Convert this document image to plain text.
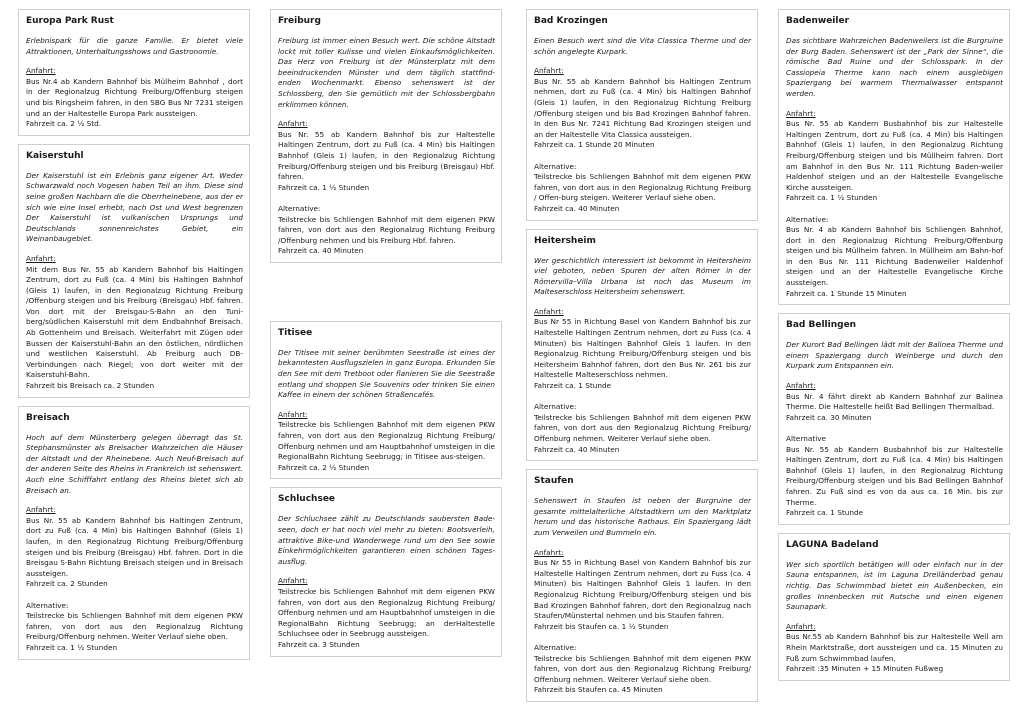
Europa Park Rust

Erlebnispark für die ganze Familie. Er bietet viele Attraktionen, Unterhaltungsshows und Gastronomie.

Anfahrt:
Bus Nr.4 ab Kandern Bahnhof bis Mülheim Bahnhof , dort in der Regionalzug Richtung Freiburg/Offenburg steigen und bis Ringsheim fahren, in den SBG Bus Nr 7231 steigen und an der Haltestelle Europa Park aussteigen.
Fahrzeit ca. 2 ½ Std.

Kaiserstuhl

Der Kaiserstuhl ist ein Erlebnis ganz eigener Art. Weder Schwarzwald noch Vogesen haben Teil an ihm. Diese sind seine großen Nachbarn die die Oberrheinebene, aus der er sich wie eine Insel erhebt, nach Ost und West begrenzen Der Kaiserstuhl ist vulkanischen Ursprungs und Deutschlands sonnenreichstes Gebiet, ein Weinanbaugebiet.

Anfahrt:
Mit dem Bus Nr. 55 ab Kandern Bahnhof bis Haltingen Zentrum, dort zu Fuß (ca. 4 Min) bis Haltingen Bahnhof (Gleis 1) laufen, in den Regionalzug Richtung Freiburg /Offenburg steigen und bis Freiburg (Breisgau) Hbf. fahren. Von dort mit der Breisgau-S-Bahn an den Tuni-berg/südlichen Kaiserstuhl mit dem Endbahnhof Breisach. Ab Gottenheim und Breisach. Weiterfahrt mit Zügen oder Bussen der Kaiserstuhl-Bahn an den östlichen, nördlichen und westlichen Kaiserstuhl. Ab Freiburg auch DB-Verbindungen nach Riegel; von dort weiter mit der Kaiserstuhl-Bahn.
Fahrzeit bis Breisach ca. 2 Stunden

Breisach

Hoch auf dem Münsterberg gelegen überragt das St. Stephansmünster als Breisacher Wahrzeichen die Häuser der Altstadt und der Rheinebene. Auch Neuf-Breisach auf der anderen Seite des Rheins in Frankreich ist sehenswert. Auch eine Schifffahrt entlang des Rheins bietet sich ab Breisach an.

Anfahrt:
Bus Nr. 55 ab Kandern Bahnhof bis Haltingen Zentrum, dort zu Fuß (ca. 4 Min) bis Haltingen Bahnhof (Gleis 1) laufen, in den Regionalzug Richtung Freiburg/Offenburg steigen und bis Freiburg (Breisgau) Hbf. fahren. Dort in die Breisgau S-Bahn Richtung Breisach steigen und in Breisach aussteigen.
Fahrzeit ca. 2 Stunden

Alternative:
Teilstrecke bis Schliengen Bahnhof mit dem eigenen PKW fahren, von dort aus den Regionalzug Richtung Freiburg/Offenburg nehmen. Weiter Verlauf siehe oben.
Fahrzeit ca. 1 ½ Stunden

Freiburg

Freiburg ist immer einen Besuch wert. Die schöne Altstadt lockt mit toller Kulisse und vielen Einkaufsmöglichkeiten. Das Herz von Freiburg ist der Münsterplatz mit dem beeindruckenden Münster und dem täglich stattfind- enden Wochenmarkt. Ebenso sehenswert ist der Schlossberg, den Sie gemütlich mit der Schlossbergbahn erklimmen können.

Anfahrt:
Bus Nr. 55 ab Kandern Bahnhof bis zur Haltestelle Haltingen Zentrum, dort zu Fuß (ca. 4 Min) bis Haltingen Bahnhof (Gleis 1) laufen, in den Regionalzug Richtung Freiburg/Offenburg steigen und bis Freiburg (Breisgau) Hbf. fahren.
Fahrzeit ca. 1 ½ Stunden

Alternative:
Teilstrecke bis Schliengen Bahnhof mit dem eigenen PKW fahren, von dort aus den Regionalzug Richtung Freiburg /Offenburg nehmen und bis Freiburg Hbf. fahren.
Fahrzeit ca. 40 Minuten

Titisee

Der Titisee mit seiner berühmten Seestraße ist eines der bekanntesten Ausflugszielen in ganz Europa. Erkunden Sie den See mit dem Tretboot oder flanieren Sie die Seestraße entlang und shoppen Sie Souvenirs oder trinken Sie einen Kaffee in einem der schönen Straßencafés.

Anfahrt:
Teilstrecke bis Schliengen Bahnhof mit dem eigenen PKW fahren, von dort aus den Regionalzug Richtung Freiburg/ Offenburg nehmen und am Hauptbahnhof umsteigen in die RegionalBahn Richtung Seebrugg; in Titisee aus-steigen.
Fahrzeit ca. 2 ½ Stunden

Schluchsee

Der Schluchsee zählt zu Deutschlands saubersten Bade-seen, doch er hat noch viel mehr zu bieten: Bootsverleih, attraktive Bike-und Wanderwege rund um den See sowie Einkehrmöglichkeiten garantieren einen schönen Tages-ausflug.

Anfahrt:
Teilstrecke bis Schliengen Bahnhof mit dem eigenen PKW fahren, von dort aus den Regionalzug Richtung Freiburg/ Offenburg nehmen und am Hauptbahnhof umsteigen in die RegionalBahn Richtung Seebrugg; an derHaltestelle Schluchsee oder in Seebrugg aussteigen.
Fahrzeit ca. 3 Stunden

Bad Krozingen

Einen Besuch wert sind die Vita Classica Therme und der schön angelegte Kurpark.

Anfahrt:
Bus Nr. 55 ab Kandern Bahnhof bis Haltingen Zentrum nehmen, dort zu Fuß (ca. 4 Min) bis Haltingen Bahnhof (Gleis 1) laufen, in den Regionalzug Richtung Freiburg /Offenburg steigen und bis Bad Krozingen Bahnhof fahren. In den Bus Nr. 7241 Richtung Bad Krozingen steigen und an der Haltestelle Vita Classica aussteigen.
Fahrzeit ca. 1 Stunde 20 Minuten

Alternative:
Teilstrecke bis Schliengen Bahnhof mit dem eigenen PKW fahren, von dort aus in den Regionalzug Richtung Freiburg / Offen-burg steigen. Weiterer Verlauf siehe oben.
Fahrzeit ca. 40 Minuten

Heitersheim

Wer geschichtlich interessiert ist bekommt in Heitersheim viel geboten, neben Spuren der alten Römer in der Römervilla–Villa Urbana ist noch das Museum im Malteserschloss Heitersheim sehenswert.

Anfahrt:
Bus Nr 55 in Richtung Basel von Kandern Bahnhof bis zur Haltestelle Haltingen Zentrum nehmen, dort zu Fuss (ca. 4 Minuten) bis Haltingen Bahnhof Gleis 1 laufen. In den Regionalzug Richtung Freiburg/Offenburg steigen und bis Heitersheim Bahnhof fahren, dort den Bus Nr. 261 bis zur Haltestelle Malteserschloss nehmen.
Fahrzeit ca. 1 Stunde

Alternative:
Teilstrecke bis Schliengen Bahnhof mit dem eigenen PKW fahren, von dort aus den Regionalzug Richtung Freiburg/ Offenburg nehmen. Weiterer Verlauf siehe oben.
Fahrzeit ca. 40 Minuten

Staufen

Sehenswert in Staufen ist neben der Burgruine der gesamte mittelalterliche Altstadtkern um den Marktplatz herum und das historische Rathaus. Ein Spaziergang lädt zum Verweilen und Bummeln ein.

Anfahrt:
Bus Nr 55 in Richtung Basel von Kandern Bahnhof bis zur Haltestelle Haltingen Zentrum nehmen, dort zu Fuss (ca. 4 Minuten) bis Haltingen Bahnhof Gleis 1 laufen. In den Regionalzug Richtung Freiburg/Offenburg steigen und bis Bad Krozingen Bahnhof fahren, dort den Regionalzug nach Staufen/Münstertal nehmen und bis Staufen fahren.
Fahrzeit bis Staufen ca. 1 ½ Stunden

Alternative:
Teilstrecke bis Schliengen Bahnhof mit dem eigenen PKW fahren, von dort aus den Regionalzug Richtung Freiburg/ Offenburg nehmen. Weiterer Verlauf siehe oben.
Fahrzeit bis Staufen ca. 45 Minuten

Badenweiler

Das sichtbare Wahrzeichen Badenweilers ist die Burgruine der Burg Baden. Sehenswert ist der „Park der Sinne“, die römische Bad Ruine und der Schlosspark. In der Cassiopeia Therme kann nach einem ausgiebigen Spaziergang bei warmem Thermalwasser entspannt werden.

Anfahrt:
Bus Nr. 55 ab Kandern Busbahnhof bis zur Haltestelle Haltingen Zentrum, dort zu Fuß (ca. 4 Min) bis Haltingen Bahnhof (Gleis 1) laufen, in den Regionalzug Richtung Freiburg/Offenburg steigen und bis Müllheim fahren. Dort am Bahnhof in den Bus Nr. 111 Richtung Baden-weiler Haldenhof steigen und an der Haltestelle Evangelische Kirche aussteigen.
Fahrzeit ca. 1 ½ Stunden

Alternative:
Bus Nr. 4 ab Kandern Bahnhof bis Schliengen Bahnhof, dort in den Regionalzug Richtung Freiburg/Offenburg steigen und bis Müllheim fahren. In Müllheim am Bahn-hof in den Bus Nr. 111 Richtung Badenweiler Haldenhof steigen und an der Haltestelle Evangelische Kirche aussteigen.
Fahrzeit ca. 1 Stunde 15 Minuten

Bad Bellingen

Der Kurort Bad Bellingen lädt mit der Balinea Therme und einem Spaziergang durch Weinberge und durch den Kurpark zum Entspannen ein.

Anfahrt:
Bus Nr. 4 fährt direkt ab Kandern Bahnhof zur Balinea Therme. Die Haltestelle heißt Bad Bellingen Thermalbad.
Fahrzeit ca. 30 Minuten

Alternative
Bus Nr. 55 ab Kandern Busbahnhof bis zur Haltestelle Haltingen Zentrum, dort zu Fuß (ca. 4 Min) bis Haltingen Bahnhof (Gleis 1) laufen, in den Regionalzug Richtung Freiburg/Offenburg steigen und bis Bad Bellingen Bahnhof fahren. Zu Fuß sind es von da aus ca. 16 Min. bis zur Therme.
Fahrzeit ca. 1 Stunde

LAGUNA Badeland

Wer sich sportlich betätigen will oder einfach nur in der Sauna entspannen, ist im Laguna Dreiländerbad genau richtig. Das Schwimmbad bietet ein Außenbecken, ein großes Innenbecken mit Rutsche und einen eigenen Saunapark.

Anfahrt:
Bus Nr.55 ab Kandern Bahnhof bis zur Haltestelle Weil am Rhein Marktstraße, dort aussteigen und ca. 15 Minuten zu Fuß zum Schwimmbad laufen.
Fahrzeit :35 Minuten + 15 Minuten Fußweg
